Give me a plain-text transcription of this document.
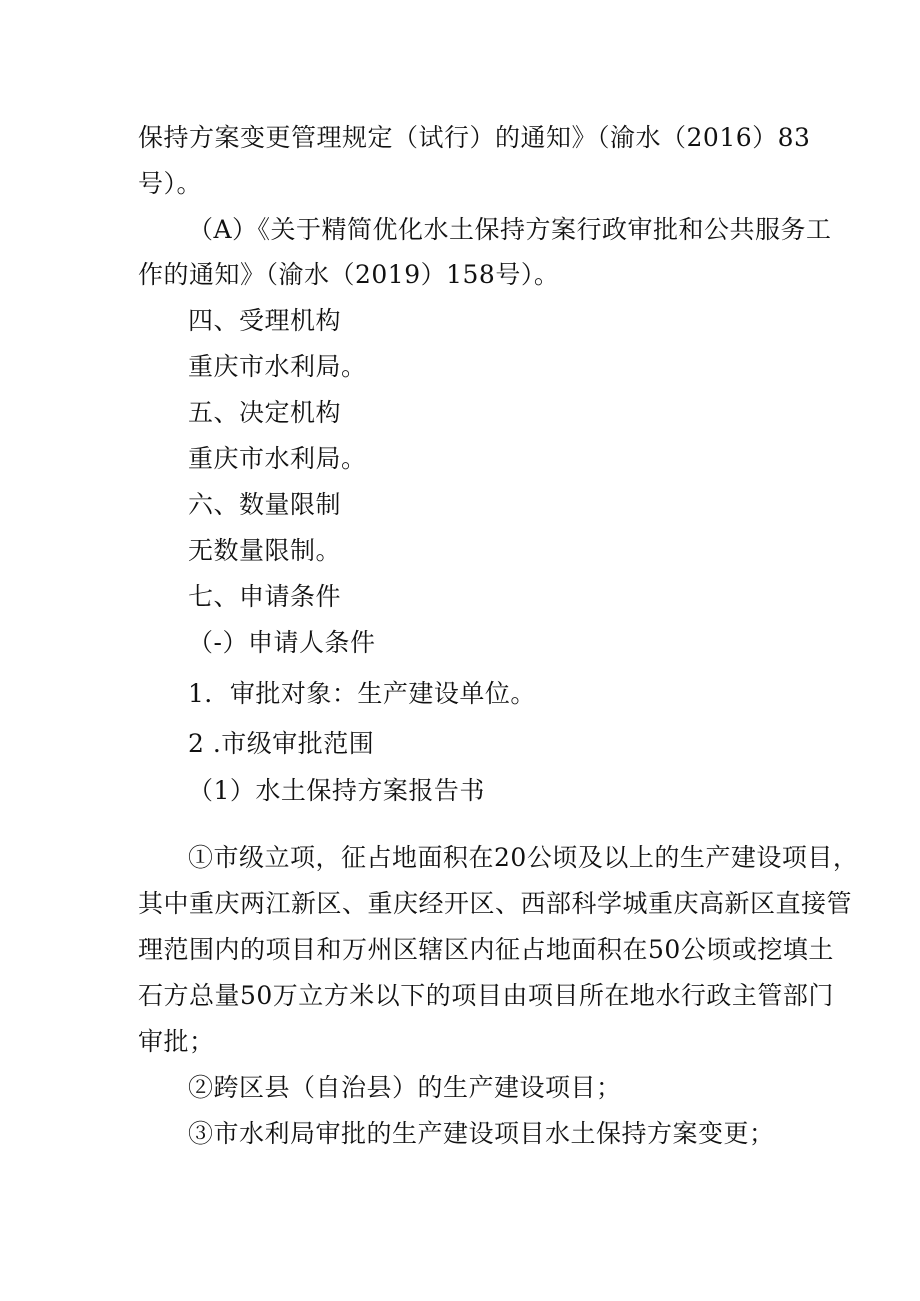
保持方案变更管理规定（试行）的通知》（渝水（2016）83
号）。
（A）《关于精简优化水土保持方案行政审批和公共服务工
作的通知》（渝水（2019）158号）。
四、受理机构
重庆市水利局。
五、决定机构
重庆市水利局。
六、数量限制
无数量限制。
七、申请条件
（-）申请人条件
1．审批对象：生产建设单位。
2 .市级审批范围
（1）水土保持方案报告书
①市级立项，征占地面积在20公顷及以上的生产建设项目，
其中重庆两江新区、重庆经开区、西部科学城重庆高新区直接管
理范围内的项目和万州区辖区内征占地面积在50公顷或挖填土
石方总量50万立方米以下的项目由项目所在地水行政主管部门
审批；
②跨区县（自治县）的生产建设项目；
③市水利局审批的生产建设项目水土保持方案变更；
